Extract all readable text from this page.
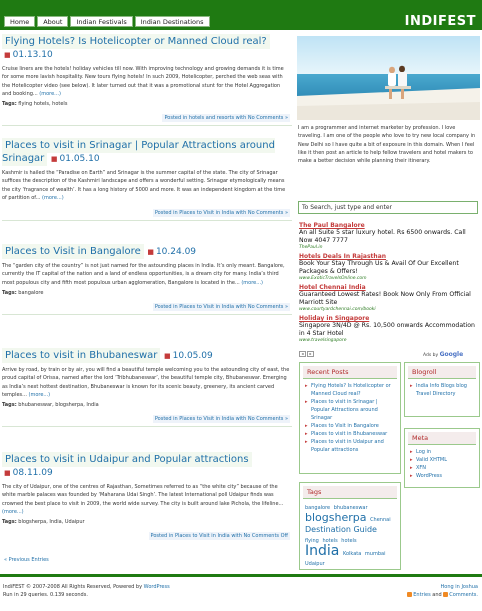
Home	About	Indian Festivals	Indian Destinations	INDIFEST
Flying Hotels? Is Hotelicopter or Manned Cloud real? ■ 01.13.10
Cruise liners are the hotels! holiday vehicles till now. With improving technology and growing demands it is time for some more lavish hospitality. New tours flying hotels! In such 2009, Hotelicopter, perched the web seas with the Hotelicopter video (see below). It later turned out that it was a promotional stunt for the Hotel Aggregation and booking... (more...)
Tags: flying hotels, hotels
Posted in hotels and resorts with No Comments »
Places to visit in Srinagar | Popular Attractions around Srinagar ■ 01.05.10
Kashmir is hailed the “Paradise on Earth” and Srinagar is the summer capital of the state. The city of Srinagar suffices the description of the Kashmiri landscape and offers a wonderful setting. Srinagar etymologically means the city ‘fragrance of wealth’. It has a long history of 5000 and more. It was an independent kingdom at the time of partition of... (more...)
Posted in Places to Visit in India with No Comments »
Places to Visit in Bangalore ■ 10.24.09
The “garden city of the country” is not just named for the astounding places in India. It’s only meant. Bangalore, currently the IT capital of the nation and a land of endless opportunities, is a dream city for many. India’s third most populous city and fifth most populous urban agglomeration, Bangalore is located in the... (more...)
Tags: bangalore
Posted in Places to Visit in India with No Comments »
Places to visit in Bhubaneswar ■ 10.05.09
Arrive by road, by train or by air, you will find a beautiful temple welcoming you to the astounding city of east, the proud capital of Orissa, named after the lord ‘Tribhubaneswar’, the beautiful temple city, Bhubaneswar. Emerging as India’s next hottest destination, Bhubaneswar is known for its scenic beauty, greenery, its ancient carved temples... (more...)
Tags: bhubaneswar, blogsherpa, India
Posted in Places to Visit in India with No Comments »
Places to visit in Udaipur and Popular attractions ■ 08.11.09
The city of Udaipur, one of the centres of Rajasthan, Sometimes referred to as “the white city” because of the white marble palaces was founded by ‘Maharana Udai Singh’. The latest International poll Udaipur finds was crowned the best place to visit in 2009, the world wide survey. The city is built around lake Pichola, the lifeline... (more...)
Tags: blogsherpa, India, Udaipur
Posted in Places to Visit in India with No Comments Off
« Previous Entries
I am a programmer and internet marketer by profession. I love traveling. I am one of the people who love to try new local company in New Delhi so I have quite a bit of exposure in this domain. When I feel like it then post an article to help fellow travelers and hotel makers to make a better decision while planning their itinerary.
To Search, just type and enter
The Paul Bangalore
An all Suite 5 star luxury hotel. Rs 6500 onwards. Call Now 4047 7777
ThePaul.in
Hotels Deals In Rajasthan
Book Your Stay Through Us & Avail Of Our Excellent Packages & Offers!
www.ExoticTravelsOnline.com
Hotel Chennai India
Guaranteed Lowest Rates! Book Now Only From Official Marriott Site
www.courtyardchennai.com/booki
Holiday in Singapore
Singapore 3N/4D @ Rs. 10,500 onwards Accommodation in 4 Star Hotel
www.travelsingapore
◂	▸	Ads by Google
Recent Posts
▸ Flying Hotels? Is Hotelicopter or Manned Cloud real?
▸ Places to visit in Srinagar | Popular Attractions around Srinagar
▸ Places to Visit in Bangalore
▸ Places to visit in Bhubaneswar
▸ Places to visit in Udaipur and Popular attractions
Blogroll
▸ India Info Blogs blog Travel Directory
Meta
▸ Log in
▸ Valid XHTML
▸ XFN
▸ WordPress
Tags
bangalore bhubaneswar blogsherpa Chennai Destination Guide flying hotels hotels India Kolkata mumbai Udaipur
IndiFEST © 2007-2008 All Rights Reserved, Powered by WordPress
Run in 29 queries. 0.139 seconds.
Hong in Joshua
Entries and Comments.
